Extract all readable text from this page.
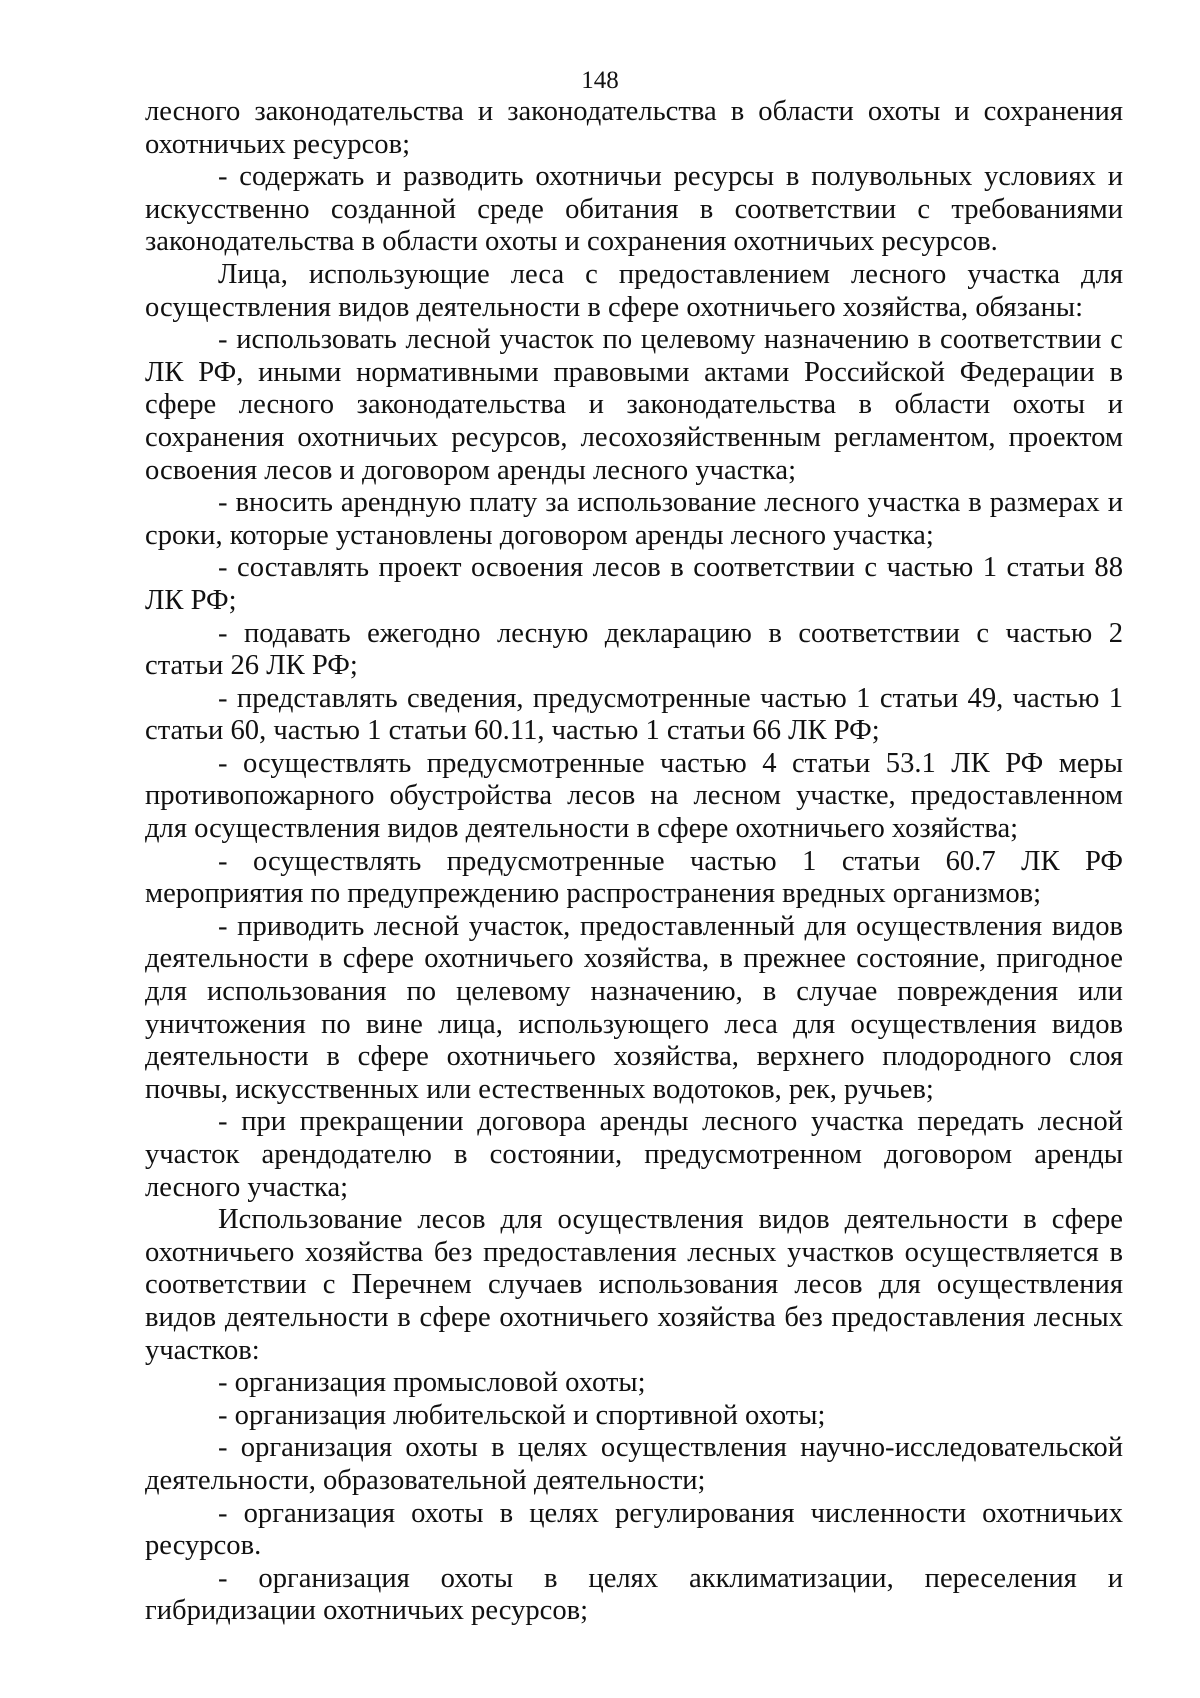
148

лесного законодательства и законодательства в области охоты и сохранения охотничьих ресурсов;

- содержать и разводить охотничьи ресурсы в полувольных условиях и искусственно созданной среде обитания в соответствии с требованиями законодательства в области охоты и сохранения охотничьих ресурсов.

Лица, использующие леса с предоставлением лесного участка для осуществления видов деятельности в сфере охотничьего хозяйства, обязаны:

- использовать лесной участок по целевому назначению в соответствии с ЛК РФ, иными нормативными правовыми актами Российской Федерации в сфере лесного законодательства и законодательства в области охоты и сохранения охотничьих ресурсов, лесохозяйственным регламентом, проектом освоения лесов и договором аренды лесного участка;

- вносить арендную плату за использование лесного участка в размерах и сроки, которые установлены договором аренды лесного участка;

- составлять проект освоения лесов в соответствии с частью 1 статьи 88 ЛК РФ;

- подавать ежегодно лесную декларацию в соответствии с частью 2 статьи 26 ЛК РФ;

- представлять сведения, предусмотренные частью 1 статьи 49, частью 1 статьи 60, частью 1 статьи 60.11, частью 1 статьи 66 ЛК РФ;

- осуществлять предусмотренные частью 4 статьи 53.1 ЛК РФ меры противопожарного обустройства лесов на лесном участке, предоставленном для осуществления видов деятельности в сфере охотничьего хозяйства;

- осуществлять предусмотренные частью 1 статьи 60.7 ЛК РФ мероприятия по предупреждению распространения вредных организмов;

- приводить лесной участок, предоставленный для осуществления видов деятельности в сфере охотничьего хозяйства, в прежнее состояние, пригодное для использования по целевому назначению, в случае повреждения или уничтожения по вине лица, использующего леса для осуществления видов деятельности в сфере охотничьего хозяйства, верхнего плодородного слоя почвы, искусственных или естественных водотоков, рек, ручьев;

- при прекращении договора аренды лесного участка передать лесной участок арендодателю в состоянии, предусмотренном договором аренды лесного участка;

Использование лесов для осуществления видов деятельности в сфере охотничьего хозяйства без предоставления лесных участков осуществляется в соответствии с Перечнем случаев использования лесов для осуществления видов деятельности в сфере охотничьего хозяйства без предоставления лесных участков:

- организация промысловой охоты;

- организация любительской и спортивной охоты;

- организация охоты в целях осуществления научно-исследовательской деятельности, образовательной деятельности;

- организация охоты в целях регулирования численности охотничьих ресурсов.

- организация охоты в целях акклиматизации, переселения и гибридизации охотничьих ресурсов;
